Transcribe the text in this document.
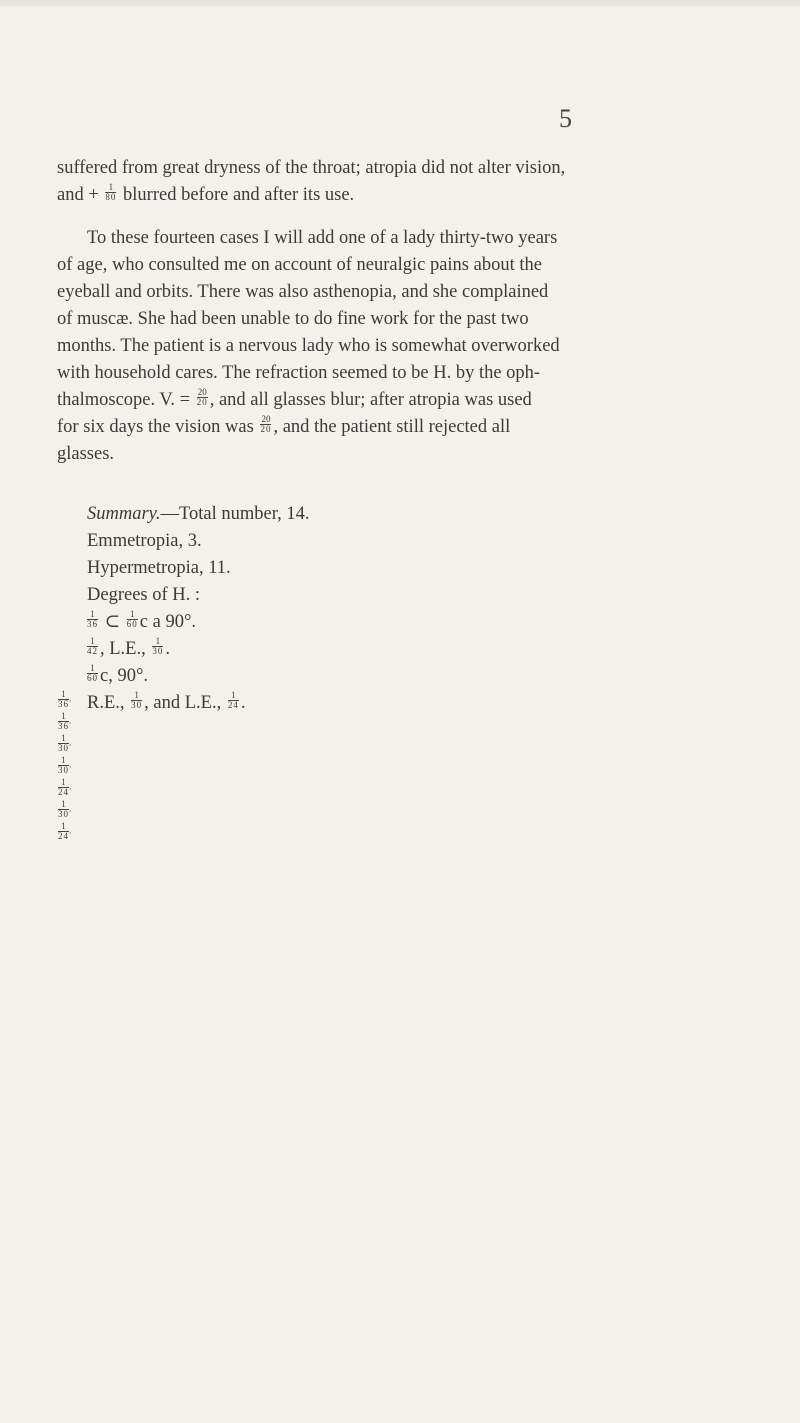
5
suffered from great dryness of the throat; atropia did not alter vision,
and + $\frac{1}{80}$ blurred before and after its use.
To these fourteen cases I will add one of a lady thirty-two years
of age, who consulted me on account of neuralgic pains about the
eyeball and orbits. There was also asthenopia, and she complained
of muscæ. She had been unable to do fine work for the past two
months. The patient is a nervous lady who is somewhat overworked
with household cares. The refraction seemed to be H. by the oph-
thalmoscope. V. = $\frac{20}{20}$ , and all glasses blur; after atropia was used
for six days the vision was $\frac{20}{20}$ , and the patient still rejected all
glasses.
Summary.—Total number, 14.
Emmetropia, 3.
Hypermetropia, 11.
Degrees of H. :
$\frac{1}{36}$ ⊂ $\frac{1}{60}$ c a 90°.
$\frac{1}{42}$ , L.E., $\frac{1}{30}$ .
$\frac{1}{60} c$, 90°.
R.E., $\frac{1}{30}$ , and L.E., $\frac{1}{24}$ .
$\frac{1}{36}$ .
$\frac{1}{36}$ .
$\frac{1}{30}$ .
$\frac{1}{30}$ .
$\frac{1}{24}$ .
$\frac{1}{30}$ .
$\frac{1}{24}$ .
